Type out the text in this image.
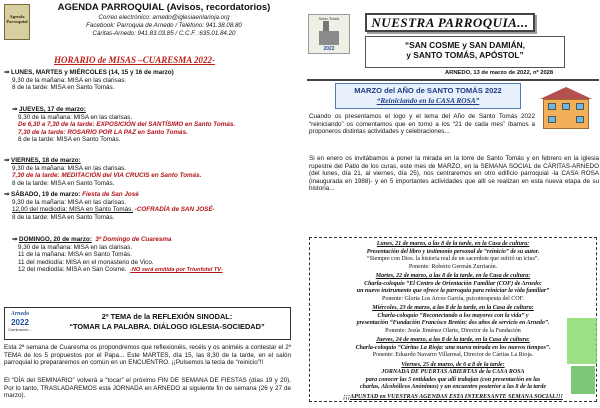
Agenda Parroquial
AGENDA PARROQUIAL (Avisos, recordatorios)
Correo electrónico: arnedo@iglesiaenlarioja.org
Facebook: Parroquia de Arnedo / Teléfono: 941.38.08.80
Cáritas-Arnedo: 941.83.03.85 / C.C.F. :635.01.84.20
HORARIO de MISAS –CUARESMA 2022-
⇒ LUNES, MARTES y MIÉRCOLES (14, 15 y 16 de marzo)
9,30 de la mañana: MISA en las clarisas.
8 de la tarde: MISA en Santo Tomás.
⇒ JUEVES, 17 de marzo:
9,30 de la mañana: MISA en las clarisas.
De 6,30 a 7,30 de la tarde: EXPOSICIÓN del SANTÍSIMO en Santo Tomás.
7,30 de la tarde: ROSARIO POR LA PAZ en Santo Tomás.
8 de la tarde: MISA en Santo Tomás.
⇒ VIERNES, 18 de marzo:
9,30 de la mañana: MISA en las clarisas.
7,30 de la tarde: MEDITACIÓN del VIA CRUCIS en Santo Tomás.
8 de la tarde: MISA en Santo Tomás.
⇒ SÁBADO, 19 de marzo: Fiesta de San José
9,30 de la mañana: MISA en las clarisas.
12,00 del mediodía: MISA en Santo Tomás. -COFRADÍA de SAN JOSÉ-
8 de la tarde: MISA en Santo Tomás.
⇒ DOMINGO, 20 de marzo: 3º Domingo de Cuaresma
9,30 de la mañana: MISA en las clarisas.
11 de la mañana: MISA en Santo Tomás.
11 del mediodía: MISA en el monasterio de Vico.
12 del mediodía: MISA en San Cosme. -NO será emitida por Triunfotel TV-
Arnedo
2022
Caminando...
2º TEMA de la REFLEXIÓN SINODAL:
“TOMAR LA PALABRA. DIÁLOGO IGLESIA-SOCIEDAD”
Esta 2ª semana de Cuaresma os propondremos que reflexionéis, recéis y os animéis a contestar el 2º TEMA de los 5 propuestos por el Papa... Este MARTES, día 15, las 8,30 de la tarde, en el salón parroquial lo prepararemos en común en un ENCUENTRO. ¡¡Pulsemos la tecla de “reinicio”!!
El “DÍA del SEMINARIO” volverá a “tocar” el próximo FIN DE SEMANA DE FIESTAS (días 19 y 20). Por lo tanto, TRASLADAREMOS esta JORNADA en ARNEDO al siguiente fin de semana (26 y 27 de marzo).
Santo Tomás
2022
NUESTRA PARROQUIA...
“SAN COSME y SAN DAMIÁN,
y SANTO TOMÁS, APÓSTOL”
ARNEDO, 13 de marzo de 2022, nº 2028
MARZO del AÑO de SANTO TOMÁS 2022
“Reiniciando en la CASA ROSA”
Cuando os presentamos el logo y el lema del Año de Santo Tomás 2022 “reiniciando” os comentamos que en torno a los “21 de cada mes” íbamos a proponeros distintas actividades y celebraciones...
Si en enero os invitábamos a poner la mirada en la torre de Santo Tomás y en febrero en la iglesia rupestre del Patio de los curas, este mes de MARZO, en la SEMANA SOCIAL de CÁRITAS-ARNEDO (del lunes, día 21, al viernes, día 25), nos centraremos en otro edificio parroquial -la CASA ROSA (inaugurada en 1988)- y en 5 importantes actividades que allí se realizan en esta nueva etapa de su historia...
Lunes, 21 de marzo, a las 8 de la tarde, en la Casa de cultura:
Presentación del libro y testimonio personal de “reinicio” de su autor.
“Siempre con Dios. la historia real de un sacerdote que sufrió un ictus”.
Ponente: Roberto Germán Zurriarán.
Martes, 22 de marzo, a las 8 de la tarde, en la Casa de cultura:
Charla-coloquio “El Centro de Orientación Familiar (COF) de Arnedo:
un nuevo instrumento que ofrece la parroquia para reiniciar la vida familiar”
Ponente: Gloria Los Arcos García, psicoterapeuta del COF.
Miércoles, 23 de marzo, a las 8 de la tarde, en la Casa de cultura:
Charla-coloquio “Reconectando a los mayores con la vida” y
presentación “Fundación Francisco Bretón: dos años de servicio en Arnedo”.
Ponente: Jesús Jiménez Olarte, Director de la Fundación
Jueves, 24 de marzo, a las 8 de la tarde, en la Casa de cultura:
Charla-coloquio “Cáritas La Rioja: una nueva mirada en los nuevos tiempos”.
Ponente: Eduardo Navarro Villarreal, Director de Cáritas La Rioja.
Viernes, 25 de marzo, de 6 a 8 de la tarde:
JORNADA DE PUERTAS ABIERTAS de la CASA ROSA
para conocer las 5 entidades que allí trabajan (con presentación en las
charlas, Alcohólicos Anónimos) y un encuentro posterior a las 8 de la tarde
¡¡¡APUNTAD en VUESTRAS AGENDAS ESTA INTERESANTE SEMANA SOCIAL!!!
